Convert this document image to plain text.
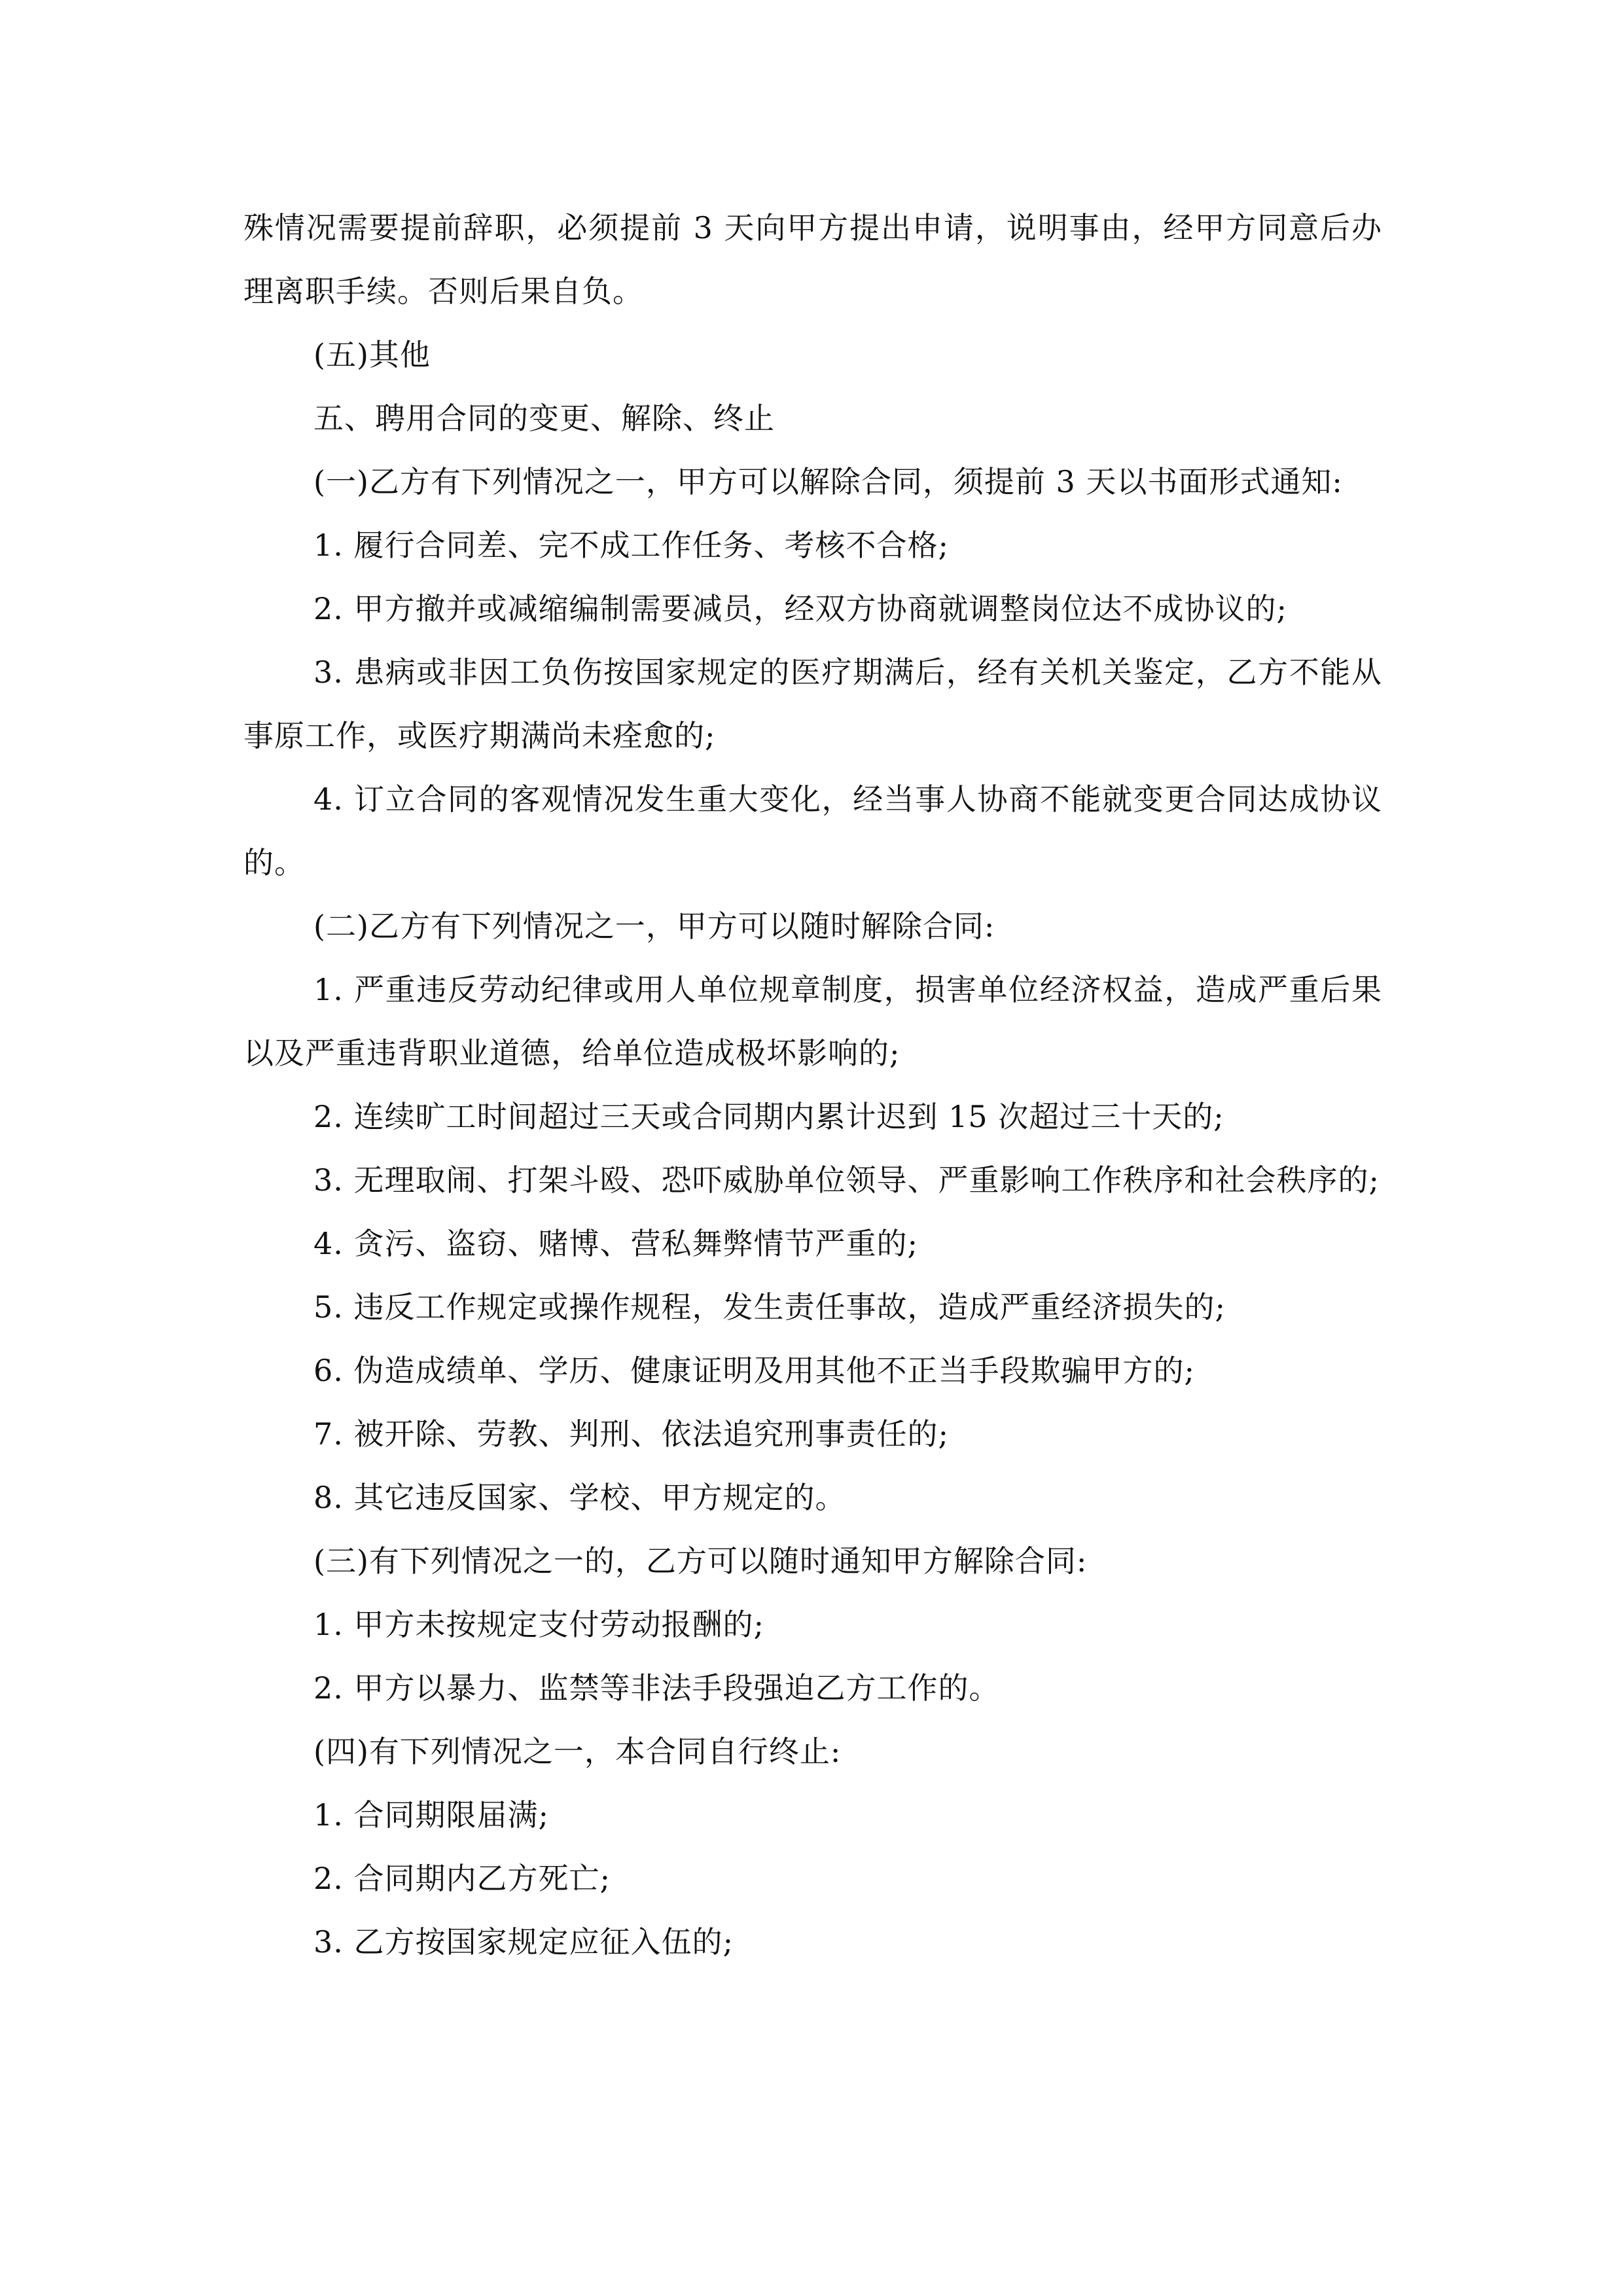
殊情况需要提前辞职，必须提前 3 天向甲方提出申请，说明事由，经甲方同意后办理离职手续。否则后果自负。

(五)其他

五、聘用合同的变更、解除、终止

(一)乙方有下列情况之一，甲方可以解除合同，须提前 3 天以书面形式通知:

1. 履行合同差、完不成工作任务、考核不合格;

2. 甲方撤并或减缩编制需要减员，经双方协商就调整岗位达不成协议的;

3. 患病或非因工负伤按国家规定的医疗期满后，经有关机关鉴定，乙方不能从事原工作，或医疗期满尚未痊愈的;

4. 订立合同的客观情况发生重大变化，经当事人协商不能就变更合同达成协议的。

(二)乙方有下列情况之一，甲方可以随时解除合同:

1. 严重违反劳动纪律或用人单位规章制度，损害单位经济权益，造成严重后果以及严重违背职业道德，给单位造成极坏影响的;

2. 连续旷工时间超过三天或合同期内累计迟到 15 次超过三十天的;

3. 无理取闹、打架斗殴、恐吓威胁单位领导、严重影响工作秩序和社会秩序的;

4. 贪污、盗窃、赌博、营私舞弊情节严重的;

5. 违反工作规定或操作规程，发生责任事故，造成严重经济损失的;

6. 伪造成绩单、学历、健康证明及用其他不正当手段欺骗甲方的;

7. 被开除、劳教、判刑、依法追究刑事责任的;

8. 其它违反国家、学校、甲方规定的。

(三)有下列情况之一的，乙方可以随时通知甲方解除合同:

1. 甲方未按规定支付劳动报酬的;

2. 甲方以暴力、监禁等非法手段强迫乙方工作的。

(四)有下列情况之一，本合同自行终止:

1. 合同期限届满;

2. 合同期内乙方死亡;

3. 乙方按国家规定应征入伍的;
